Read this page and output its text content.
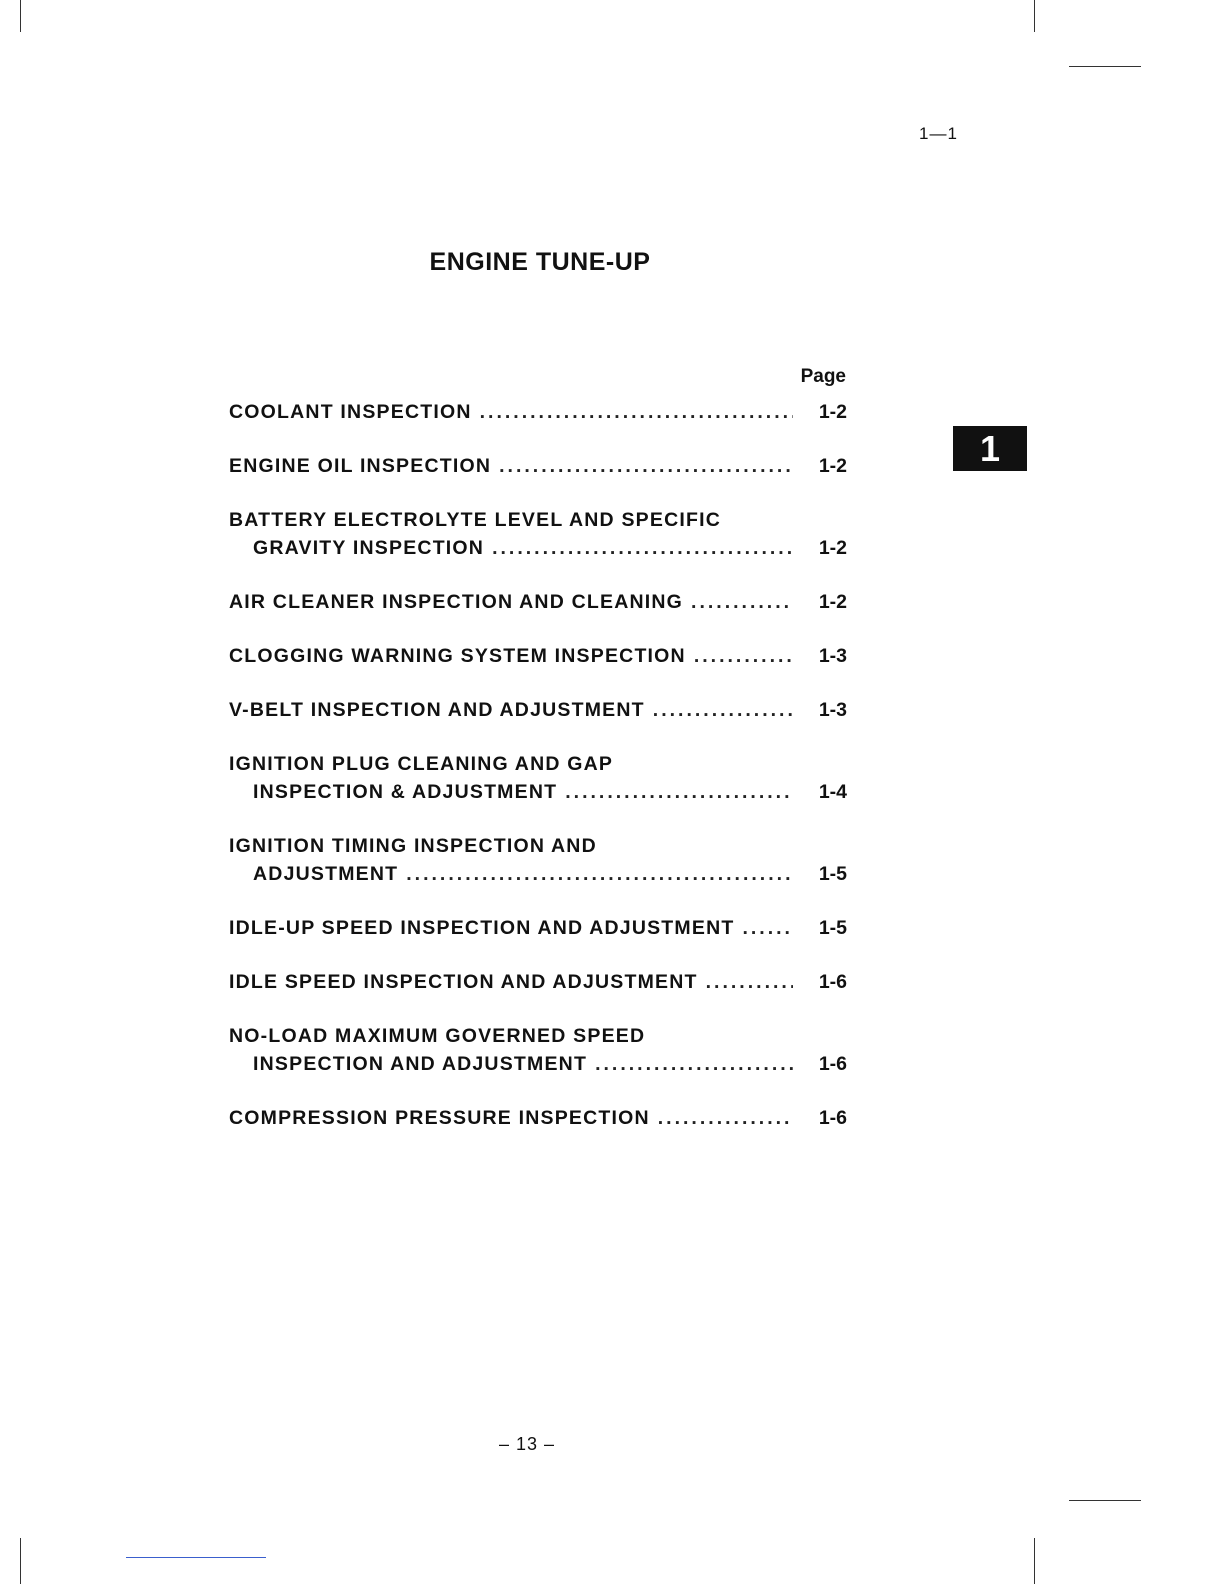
1—1
ENGINE TUNE-UP
Page
1
COOLANT INSPECTION .....	1-2
ENGINE OIL INSPECTION .....	1-2
BATTERY ELECTROLYTE LEVEL AND SPECIFIC
GRAVITY INSPECTION .....	1-2
AIR CLEANER INSPECTION AND CLEANING .....	1-2
CLOGGING WARNING SYSTEM INSPECTION .....	1-3
V-BELT INSPECTION AND ADJUSTMENT .....	1-3
IGNITION PLUG CLEANING AND GAP
INSPECTION & ADJUSTMENT .....	1-4
IGNITION TIMING INSPECTION AND
ADJUSTMENT .....	1-5
IDLE-UP SPEED INSPECTION AND ADJUSTMENT .....	1-5
IDLE SPEED INSPECTION AND ADJUSTMENT .....	1-6
NO-LOAD MAXIMUM GOVERNED SPEED
INSPECTION AND ADJUSTMENT .....	1-6
COMPRESSION PRESSURE INSPECTION .....	1-6
– 13 –
